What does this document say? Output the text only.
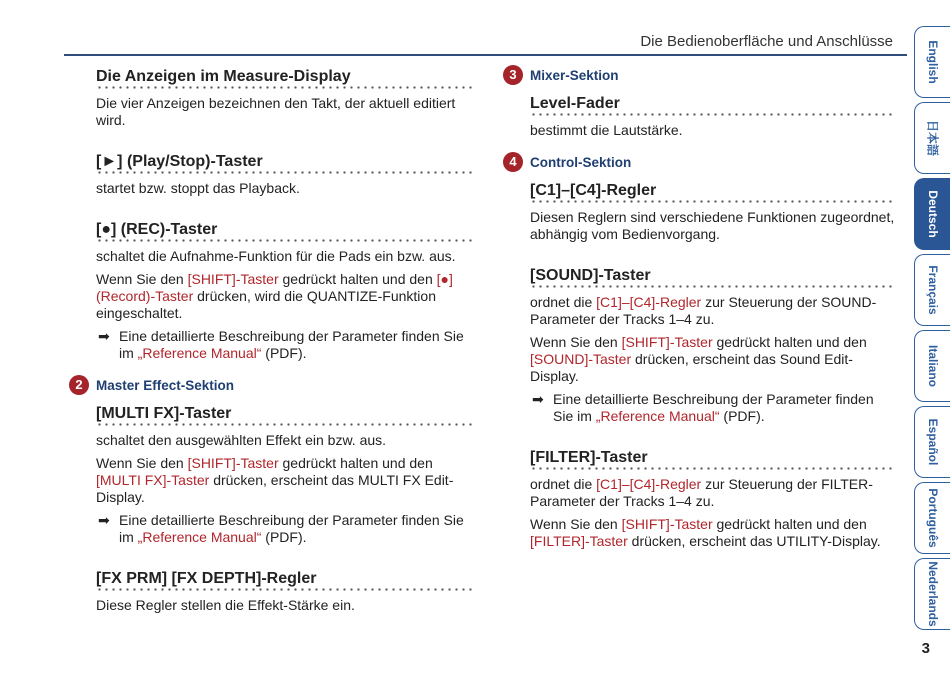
Die Bedienoberfläche und Anschlüsse
Die Anzeigen im Measure-Display

Die vier Anzeigen bezeichnen den Takt, der aktuell editiert wird.

[►] (Play/Stop)-Taster

startet bzw. stoppt das Playback.

[●] (REC)-Taster

schaltet die Aufnahme-Funktion für die Pads ein bzw. aus.

Wenn Sie den [SHIFT]-Taster gedrückt halten und den [●] (Record)-Taster drücken, wird die QUANTIZE-Funktion eingeschaltet.

➡ Eine detaillierte Beschreibung der Parameter finden Sie im „Reference Manual“ (PDF).
2 Master Effect-Sektion
[MULTI FX]-Taster

schaltet den ausgewählten Effekt ein bzw. aus.

Wenn Sie den [SHIFT]-Taster gedrückt halten und den [MULTI FX]-Taster drücken, erscheint das MULTI FX Edit-Display.

➡ Eine detaillierte Beschreibung der Parameter finden Sie im „Reference Manual“ (PDF).
[FX PRM] [FX DEPTH]-Regler

Diese Regler stellen die Effekt-Stärke ein.

3 Mixer-Sektion
Level-Fader

bestimmt die Lautstärke.

4 Control-Sektion
[C1]–[C4]-Regler

Diesen Reglern sind verschiedene Funktionen zugeordnet, abhängig vom Bedienvorgang.

[SOUND]-Taster

ordnet die [C1]–[C4]-Regler zur Steuerung der SOUND-Parameter der Tracks 1–4 zu.

Wenn Sie den [SHIFT]-Taster gedrückt halten und den [SOUND]-Taster drücken, erscheint das Sound Edit-Display.

➡ Eine detaillierte Beschreibung der Parameter finden Sie im „Reference Manual“ (PDF).
[FILTER]-Taster

ordnet die [C1]–[C4]-Regler zur Steuerung der FILTER-Parameter der Tracks 1–4 zu.

Wenn Sie den [SHIFT]-Taster gedrückt halten und den [FILTER]-Taster drücken, erscheint das UTILITY-Display.

English
日本語
Deutsch
Français
Italiano
Español
Português
Nederlands
3
